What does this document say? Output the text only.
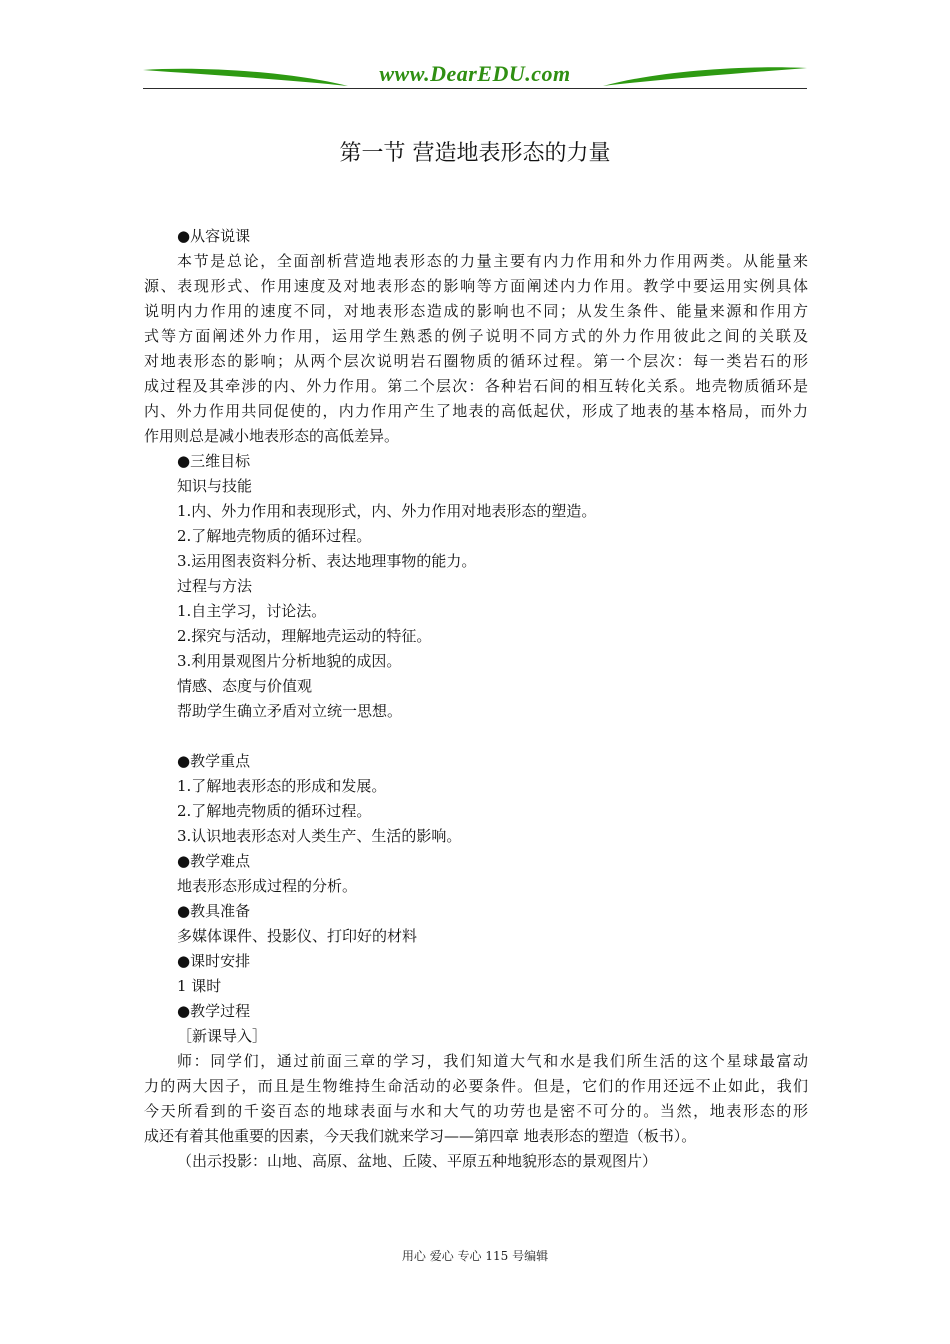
www.DearEDU.com
第一节 营造地表形态的力量
●从容说课
本节是总论，全面剖析营造地表形态的力量主要有内力作用和外力作用两类。从能量来
源、表现形式、作用速度及对地表形态的影响等方面阐述内力作用。教学中要运用实例具体
说明内力作用的速度不同，对地表形态造成的影响也不同；从发生条件、能量来源和作用方
式等方面阐述外力作用，运用学生熟悉的例子说明不同方式的外力作用彼此之间的关联及
对地表形态的影响；从两个层次说明岩石圈物质的循环过程。第一个层次：每一类岩石的形
成过程及其牵涉的内、外力作用。第二个层次：各种岩石间的相互转化关系。地壳物质循环是
内、外力作用共同促使的，内力作用产生了地表的高低起伏，形成了地表的基本格局，而外力
作用则总是减小地表形态的高低差异。
●三维目标
知识与技能
1.内、外力作用和表现形式，内、外力作用对地表形态的塑造。
2.了解地壳物质的循环过程。
3.运用图表资料分析、表达地理事物的能力。
过程与方法
1.自主学习，讨论法。
2.探究与活动，理解地壳运动的特征。
3.利用景观图片分析地貌的成因。
情感、态度与价值观
帮助学生确立矛盾对立统一思想。
●教学重点
1.了解地表形态的形成和发展。
2.了解地壳物质的循环过程。
3.认识地表形态对人类生产、生活的影响。
●教学难点
地表形态形成过程的分析。
●教具准备
多媒体课件、投影仪、打印好的材料
●课时安排
1 课时
●教学过程
［新课导入］
师：同学们，通过前面三章的学习，我们知道大气和水是我们所生活的这个星球最富动
力的两大因子，而且是生物维持生命活动的必要条件。但是，它们的作用还远不止如此，我们
今天所看到的千姿百态的地球表面与水和大气的功劳也是密不可分的。当然，地表形态的形
成还有着其他重要的因素，今天我们就来学习——第四章 地表形态的塑造（板书）。
（出示投影：山地、高原、盆地、丘陵、平原五种地貌形态的景观图片）
用心 爱心 专心 115 号编辑
